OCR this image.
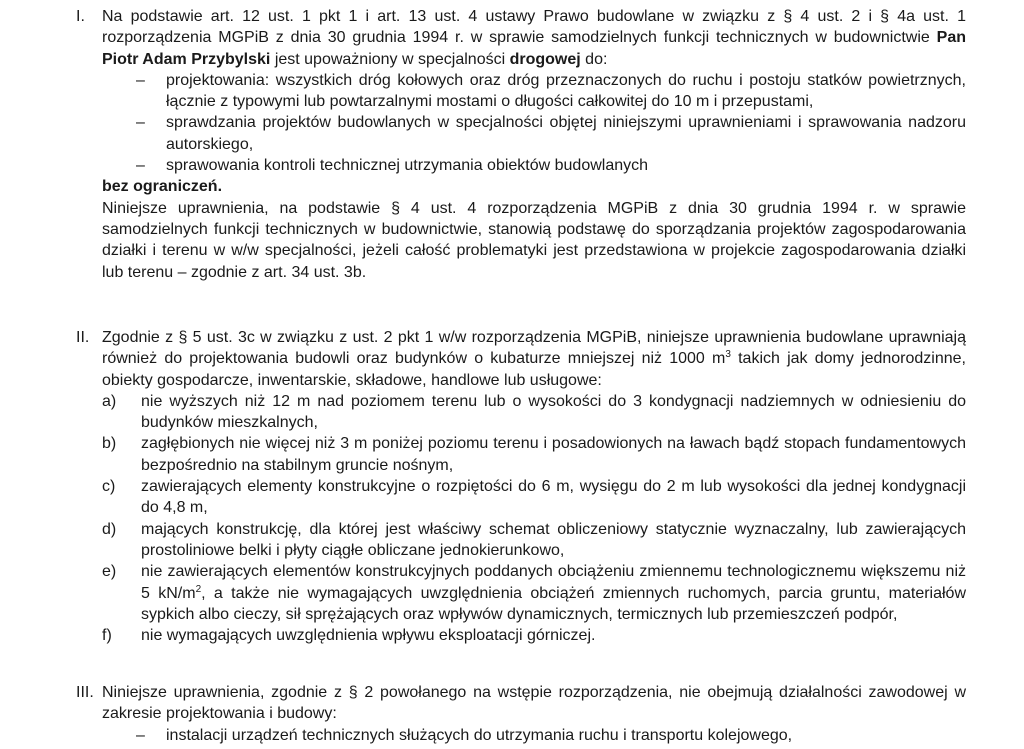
I.	Na podstawie art. 12 ust. 1 pkt 1 i art. 13 ust. 4 ustawy Prawo budowlane w związku z § 4 ust. 2 i § 4a ust. 1 rozporządzenia MGPiB z dnia 30 grudnia 1994 r. w sprawie samodzielnych funkcji technicznych w budownictwie Pan Piotr Adam Przybylski jest upoważniony w specjalności drogowej do:

– projektowania: wszystkich dróg kołowych oraz dróg przeznaczonych do ruchu i postoju statków powietrznych, łącznie z typowymi lub powtarzalnymi mostami o długości całkowitej do 10 m i przepustami,
– sprawdzania projektów budowlanych w specjalności objętej niniejszymi uprawnieniami i sprawowania nadzoru autorskiego,
– sprawowania kontroli technicznej utrzymania obiektów budowlanych

bez ograniczeń.

Niniejsze uprawnienia, na podstawie § 4 ust. 4 rozporządzenia MGPiB z dnia 30 grudnia 1994 r. w sprawie samodzielnych funkcji technicznych w budownictwie, stanowią podstawę do sporządzania projektów zagospodarowania działki i terenu w w/w specjalności, jeżeli całość problematyki jest przedstawiona w projekcie zagospodarowania działki lub terenu – zgodnie z art. 34 ust. 3b.

II. Zgodnie z § 5 ust. 3c w związku z ust. 2 pkt 1 w/w rozporządzenia MGPiB, niniejsze uprawnienia budowlane uprawniają również do projektowania budowli oraz budynków o kubaturze mniejszej niż 1000 $m^3$ takich jak domy jednorodzinne, obiekty gospodarcze, inwentarskie, składowe, handlowe lub usługowe:

a) nie wyższych niż 12 m nad poziomem terenu lub o wysokości do 3 kondygnacji nadziemnych w odniesieniu do budynków mieszkalnych,
b) zagłębionych nie więcej niż 3 m poniżej poziomu terenu i posadowionych na ławach bądź stopach fundamentowych bezpośrednio na stabilnym gruncie nośnym,
c) zawierających elementy konstrukcyjne o rozpiętości do 6 m, wysięgu do 2 m lub wysokości dla jednej kondygnacji do 4,8 m,
d) mających konstrukcję, dla której jest właściwy schemat obliczeniowy statycznie wyznaczalny, lub zawierających prostoliniowe belki i płyty ciągłe obliczane jednokierunkowo,
e) nie zawierających elementów konstrukcyjnych poddanych obciążeniu zmiennemu technologicznemu większemu niż 5 $kN/m^2$, a także nie wymagających uwzględnienia obciążeń zmiennych ruchomych, parcia gruntu, materiałów sypkich albo cieczy, sił sprężających oraz wpływów dynamicznych, termicznych lub przemieszczeń podpór,
f) nie wymagających uwzględnienia wpływu eksploatacji górniczej.
III. Niniejsze uprawnienia, zgodnie z § 2 powołanego na wstępie rozporządzenia, nie obejmują działalności zawodowej w zakresie projektowania i budowy:

– instalacji urządzeń technicznych służących do utrzymania ruchu i transportu kolejowego,
